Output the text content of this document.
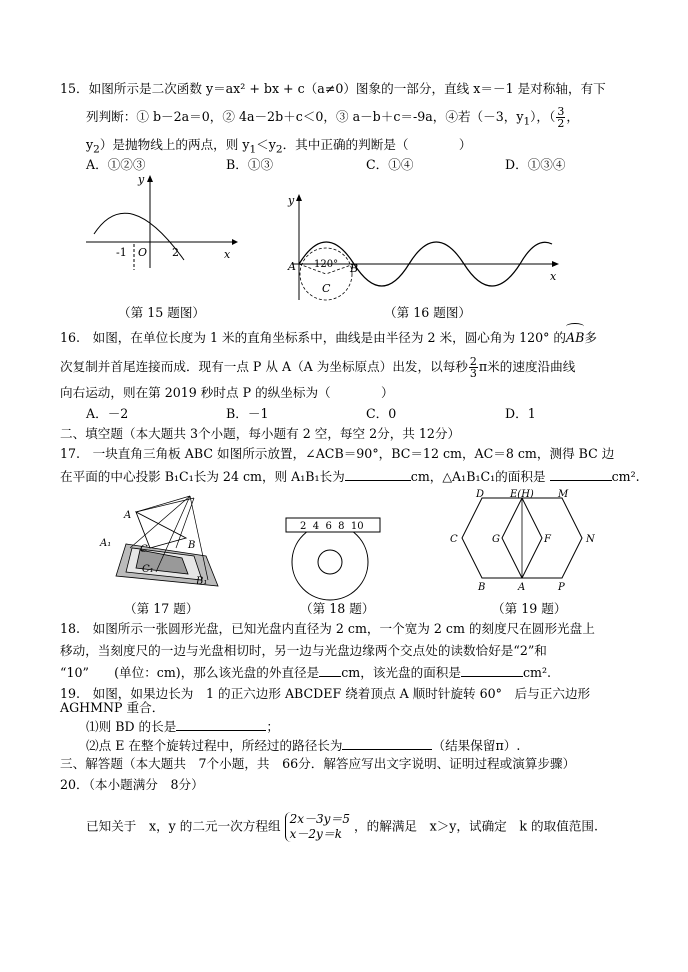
15．如图所示是二次函数 y＝ax² + bx + c（a≠0）图象的一部分，直线 x＝－1 是对称轴，有下
列判断：① b－2a＝0，② 4a－2b＋c＜0，③ a－b＋c＝-9a，④若（－3，$y_1$），（ $\frac{3}{2}$ ，
$y_2$）是抛物线上的两点，则 $y_1<y_2$．其中正确的判断是（　　　　）
A．①②③	B．①③	C．①④	D．①③④
y
x
O
-1	2
（第 15 题图）
y
x
A	B
C
120°
（第 16 题图）
16.　如图，在单位长度为 1 米的直角坐标系中，曲线是由半径为 2 米，圆心角为 120° 的
AB多
次复制并首尾连接而成．现有一点 P 从 A（A 为坐标原点）出发，以每秒 $\frac{2}{3}$ π米的速度沿曲线
向右运动，则在第 2019 秒时点 P 的纵坐标为（　　　　）
A．－2	B．－1	C．0	D．1
二、填空题（本大题共 3个小题，每小题有 2 空，每空 2分，共 12分）
17.　一块直角三角板 ABC 如图所示放置，∠ACB＝90°，BC＝12 cm，AC＝8 cm，测得 BC 边
在平面的中心投影 B₁C₁长为 24 cm，则 A₁B₁长为	cm，△A₁B₁C₁的面积是	cm².
A
A₁	B
B₁
C
C₁
（第 17 题）
2  4  6  8  10
（第 18 题）
D	E(H) M
C	G	F	N
B	A	P
（第 19 题）
18.　如图所示一张圆形光盘，已知光盘内直径为 2 cm，一个宽为 2 cm 的刻度尺在圆形光盘上
移动，当刻度尺的一边与光盘相切时，另一边与光盘边缘两个交点处的读数恰好是“2”和
“10”　　(单位：cm)，那么该光盘的外直径是 cm，该光盘的面积是	cm².
19.　如图，如果边长为　1 的正六边形 ABCDEF 绕着顶点 A 顺时针旋转 60°　后与正六边形
AGHMNP 重合．
⑴则 BD 的长是	；
⑵点 E 在整个旋转过程中，所经过的路径长为	（结果保留π）.
三、解答题（本大题共　7个小题，共　66分．解答应写出文字说明、证明过程或演算步骤）
20．（本小题满分　8分）
已知关于　x，y 的二元一次方程组 2x－3y＝5
x－2y＝k
，的解满足　x＞y，试确定　k 的取值范围.
